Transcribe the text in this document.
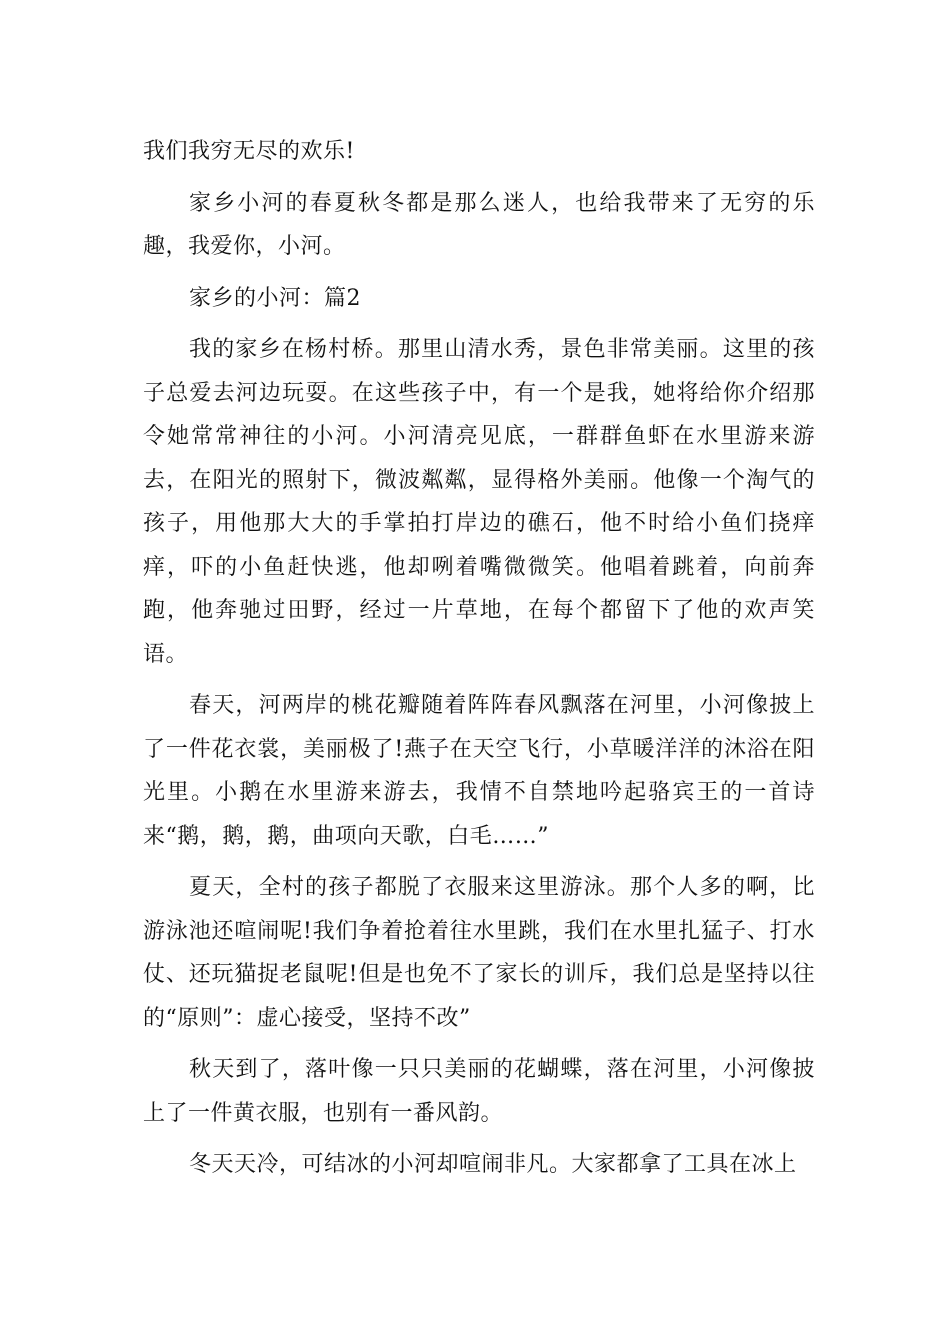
我们我穷无尽的欢乐!

家乡小河的春夏秋冬都是那么迷人，也给我带来了无穷的乐趣，我爱你，小河。

家乡的小河：篇2

我的家乡在杨村桥。那里山清水秀，景色非常美丽。这里的孩子总爱去河边玩耍。在这些孩子中，有一个是我，她将给你介绍那令她常常神往的小河。小河清亮见底，一群群鱼虾在水里游来游去，在阳光的照射下，微波粼粼，显得格外美丽。他像一个淘气的孩子，用他那大大的手掌拍打岸边的礁石，他不时给小鱼们挠痒痒，吓的小鱼赶快逃，他却咧着嘴微微笑。他唱着跳着，向前奔跑，他奔驰过田野，经过一片草地，在每个都留下了他的欢声笑语。

春天，河两岸的桃花瓣随着阵阵春风飘落在河里，小河像披上了一件花衣裳，美丽极了!燕子在天空飞行，小草暖洋洋的沐浴在阳光里。小鹅在水里游来游去，我情不自禁地吟起骆宾王的一首诗来“鹅，鹅，鹅，曲项向天歌，白毛……”

夏天，全村的孩子都脱了衣服来这里游泳。那个人多的啊，比游泳池还喧闹呢!我们争着抢着往水里跳，我们在水里扎猛子、打水仗、还玩猫捉老鼠呢!但是也免不了家长的训斥，我们总是坚持以往的“原则”：虚心接受，坚持不改”

秋天到了，落叶像一只只美丽的花蝴蝶，落在河里，小河像披上了一件黄衣服，也别有一番风韵。

冬天天冷，可结冰的小河却喧闹非凡。大家都拿了工具在冰上
